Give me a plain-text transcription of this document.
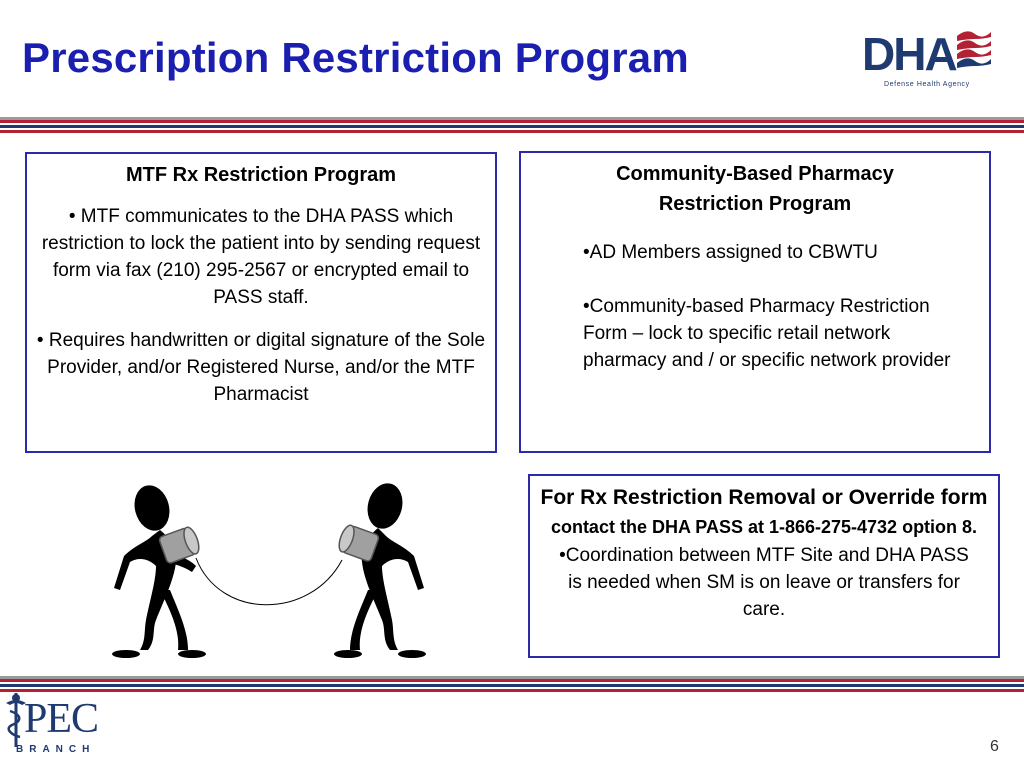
Prescription Restriction Program	DHA
Defense Health Agency

MTF Rx Restriction Program

• MTF communicates to the DHA PASS which restriction to lock the patient into by sending request form via fax (210) 295-2567 or encrypted email to PASS staff.

• Requires handwritten or digital signature of the Sole Provider, and/or Registered Nurse, and/or the MTF Pharmacist

Community-Based Pharmacy Restriction Program

•AD Members assigned to CBWTU

•Community-based Pharmacy Restriction Form – lock to specific retail network pharmacy and / or specific network provider

For Rx Restriction Removal or Override form contact the DHA PASS at 1-866-275-4732 option 8.

•Coordination between MTF Site and DHA PASS is needed when SM is on leave or transfers for care.

PEC
BRANCH	6
